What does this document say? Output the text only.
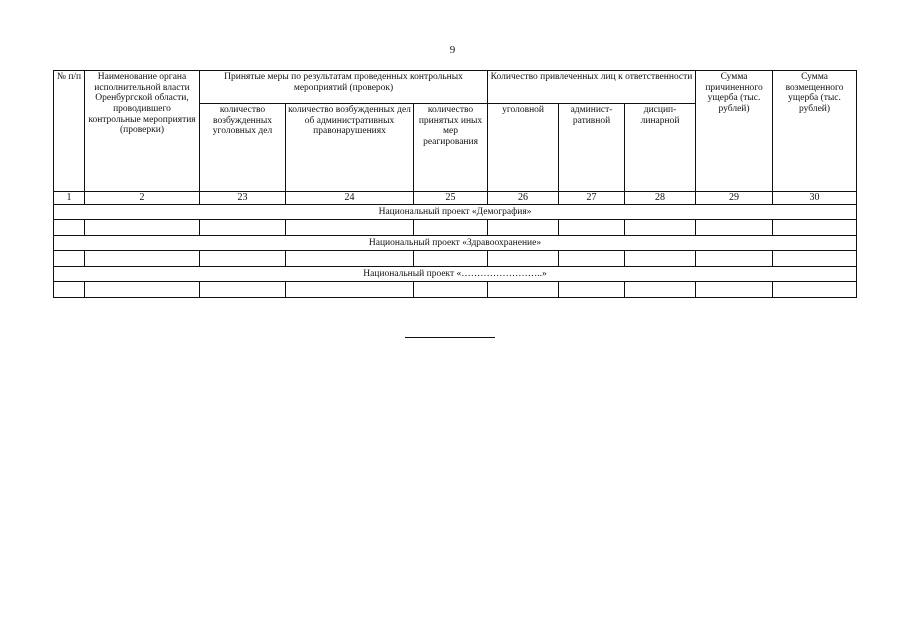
9
№ п/п	Наименование органа исполнительной власти Оренбургской области, проводившего контрольные мероприятия (проверки)	Принятые меры по результатам проведенных контрольных мероприятий (проверок)			Количество привлеченных лиц к ответственности			Сумма причиненного ущерба (тыс. рублей)	Сумма возмещенного ущерба (тыс. рублей)
		количество возбужденных уголовных дел	количество возбужденных дел об административных правонарушениях	количество принятых иных мер реагирования	уголовной	админист-ративной	дисцип-линарной		
1	2	23	24	25	26	27	28	29	30
Национальный проект «Демография»									

Национальный проект «Здравоохранение»									

Национальный проект «……………………..»									
